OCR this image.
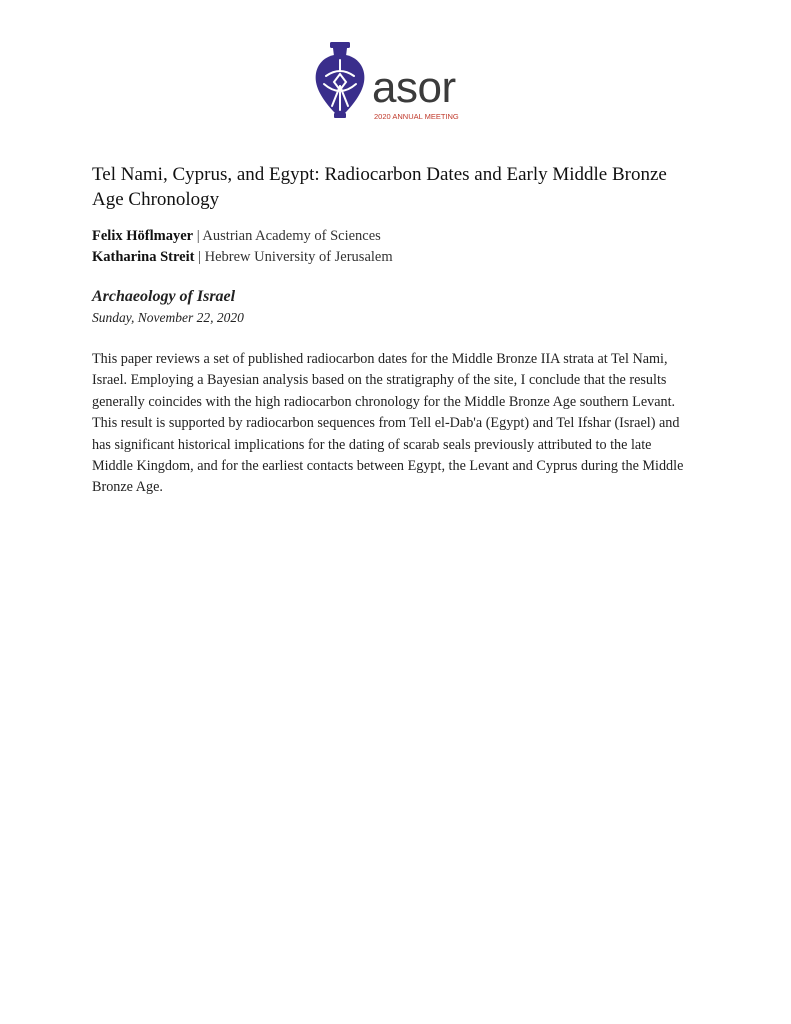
asor
2020 ANNUAL MEETING
Tel Nami, Cyprus, and Egypt: Radiocarbon Dates and Early Middle Bronze Age Chronology
Felix Höflmayer | Austrian Academy of Sciences
Katharina Streit | Hebrew University of Jerusalem
Archaeology of Israel
Sunday, November 22, 2020

This paper reviews a set of published radiocarbon dates for the Middle Bronze IIA strata at Tel Nami, Israel. Employing a Bayesian analysis based on the stratigraphy of the site, I conclude that the results generally coincides with the high radiocarbon chronology for the Middle Bronze Age southern Levant. This result is supported by radiocarbon sequences from Tell el-Dab'a (Egypt) and Tel Ifshar (Israel) and has significant historical implications for the dating of scarab seals previously attributed to the late Middle Kingdom, and for the earliest contacts between Egypt, the Levant and Cyprus during the Middle Bronze Age.
